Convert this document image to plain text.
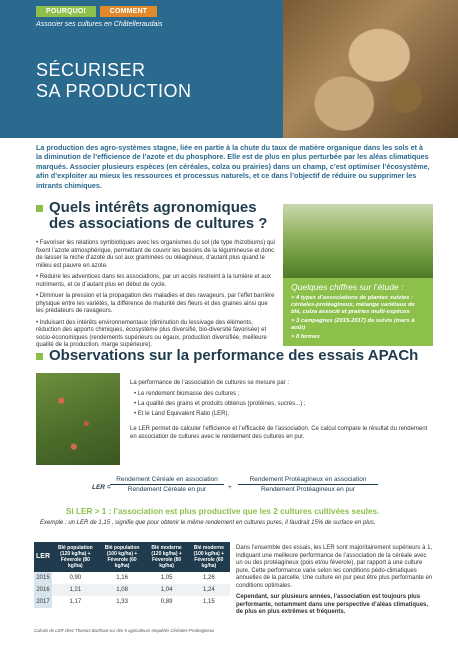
POURQUOI	COMMENT
Associer ses cultures en Châtelleraudais
SÉCURISER
SA PRODUCTION
La production des agro-systèmes stagne, liée en partie à la chute du taux de matière organique dans les sols et à la diminution de l’efficience de l’azote et du phosphore. Elle est de plus en plus perturbée par les aléas climatiques marqués. Associer plusieurs espèces (en céréales, colza ou prairies) dans un champ, c’est optimiser l’écosystème, afin d’exploiter au mieux les ressources et processus naturels, et ce dans l’objectif de réduire ou supprimer les intrants chimiques.
Quels intérêts agronomiques des associations de cultures ?

• Favoriser les relations symbiotiques avec les organismes du sol (de type rhizobiums) qui fixent l’azote atmosphérique, permettant de couvrir les besoins de la légumineuse et donc de laisser la niche d’azote du sol aux graminées ou oléagineux, d’autant plus quand le milieu est pauvre en azote.

• Réduire les adventices dans les associations, par un accès restreint à la lumière et aux nutriments, et ce d’autant plus en début de cycle.

• Diminuer la pression et la propagation des maladies et des ravageurs, par l’effet barrière physique entre les variétés, la différence de maturité des fleurs et des graines ainsi que les prédateurs de ravageurs.

• Induisant des intérêts environnementaux (diminution du lessivage des éléments, réduction des apports chimiques, écosystème plus diversifié, bio-diversité favorisée) et socio-économiques (rendements supérieurs ou égaux, production diversifiée, meilleure qualité de la production, marge supérieure).

Quelques chiffres sur l’étude :
> 4 types d’associations de plantes suivies : céréales-protéagineux, mélange variétaux de blé, colza associé et prairies multi-espèces
> 3 campagnes (2015-2017) de suivis (mars à août)
> 8 fermes
Observations sur la performance des essais APACh
La performance de l’association de cultures se mesure par :
• Le rendement biomasse des cultures ;
• La qualité des grains et produits obtenus (protéines, sucres...) ;
• Et le Land Equivalent Ratio (LER).
Le LER permet de calculer l’efficience et l’efficacité de l’association. Ce calcul compare le résultat du rendement en association de cultures avec le rendement des cultures en pur.
LER =
Rendement Céréale en association
Rendement Céréale en pur	+
Rendement Protéagineux en association
Rendement Protéagineux en pur
Si LER > 1 : l’association est plus productive que les 2 cultures cultivées seules.
Exemple : un LER de 1,15 , signifie que pour obtenir le même rendement en cultures pures, il faudrait 15% de surface en plus.
LER	Blé population (120 kg/ha) + Féverole (80 kg/ha)	Blé population (100 kg/ha) + Féverole (60 kg/ha)	Blé moderne (120 kg/ha) + Féverole (80 kg/ha)	Blé moderne (100 kg/ha) + Féverole (60 kg/ha)
2015	0,90	1,16	1,05	1,26
2016	1,21	1,08	1,04	1,24
2017	1,17	1,33	0,89	1,15
Calculs de LER chez Thomas Barthout sur des 5 agriculteurs enquêtés Céréales-Protéagineux

Dans l’ensemble des essais, les LER sont majoritairement supérieurs à 1, indiquant une meilleure performance de l’association de la céréale avec un ou des protéagineux (pois et/ou féverole), par rapport à une culture pure. Cette performance varie selon les conditions pédo-climatiques annuelles de la parcelle. Une culture en pur peut être plus performante en conditions optimales.

Cependant, sur plusieurs années, l’association est toujours plus performante, notamment dans une perspective d’aléas climatiques, de plus en plus extrêmes et fréquents.
